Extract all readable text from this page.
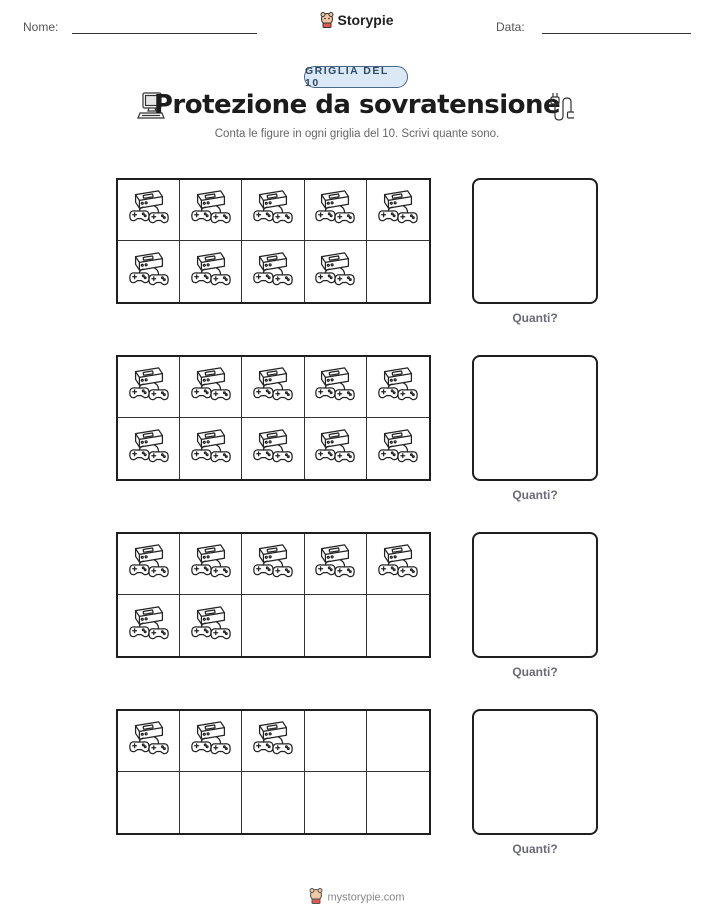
Nome:	Storypie	Data:
GRIGLIA DEL 10
Protezione da sovratensione
Conta le figure in ogni griglia del 10. Scrivi quante sono.
Quanti?
Quanti?
Quanti?
Quanti?
mystorypie.com
